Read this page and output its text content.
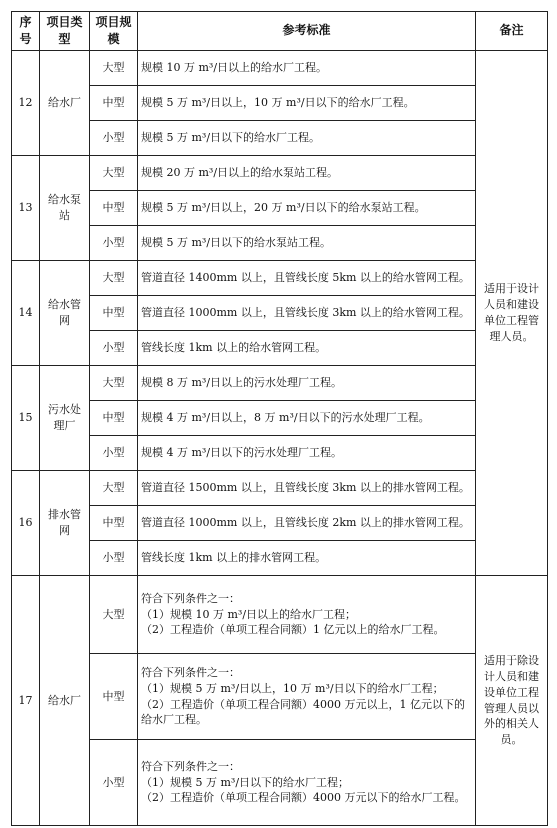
序号	项目类型	项目规模	参考标准	备注
12	给水厂	大型	规模 10 万 m³/日以上的给水厂工程。	适用于设计人员和建设单位工程管理人员。
		中型	规模 5 万 m³/日以上，10 万 m³/日以下的给水厂工程。	

		小型	规模 5 万 m³/日以下的给水厂工程。	

13	给水泵站	大型	规模 20 万 m³/日以上的给水泵站工程。	

		中型	规模 5 万 m³/日以上，20 万 m³/日以下的给水泵站工程。	

		小型	规模 5 万 m³/日以下的给水泵站工程。	

14	给水管网	大型	管道直径 1400mm 以上，且管线长度 5km 以上的给水管网工程。	

		中型	管道直径 1000mm 以上，且管线长度 3km 以上的给水管网工程。	

		小型	管线长度 1km 以上的给水管网工程。	

15	污水处理厂	大型	规模 8 万 m³/日以上的污水处理厂工程。	

		中型	规模 4 万 m³/日以上，8 万 m³/日以下的污水处理厂工程。	

		小型	规模 4 万 m³/日以下的污水处理厂工程。	

16	排水管网	大型	管道直径 1500mm 以上，且管线长度 3km 以上的排水管网工程。	

		中型	管道直径 1000mm 以上，且管线长度 2km 以上的排水管网工程。	

		小型	管线长度 1km 以上的排水管网工程。	

17	给水厂	大型	符合下列条件之一：
（1）规模 10 万 m³/日以上的给水厂工程；
（2）工程造价（单项工程合同额）1 亿元以上的给水厂工程。	适用于除设计人员和建设单位工程管理人员以外的相关人员。
		中型	符合下列条件之一：
（1）规模 5 万 m³/日以上，10 万 m³/日以下的给水厂工程；
（2）工程造价（单项工程合同额）4000 万元以上，1 亿元以下的给水厂工程。	

		小型	符合下列条件之一：
（1）规模 5 万 m³/日以下的给水厂工程；
（2）工程造价（单项工程合同额）4000 万元以下的给水厂工程。	
